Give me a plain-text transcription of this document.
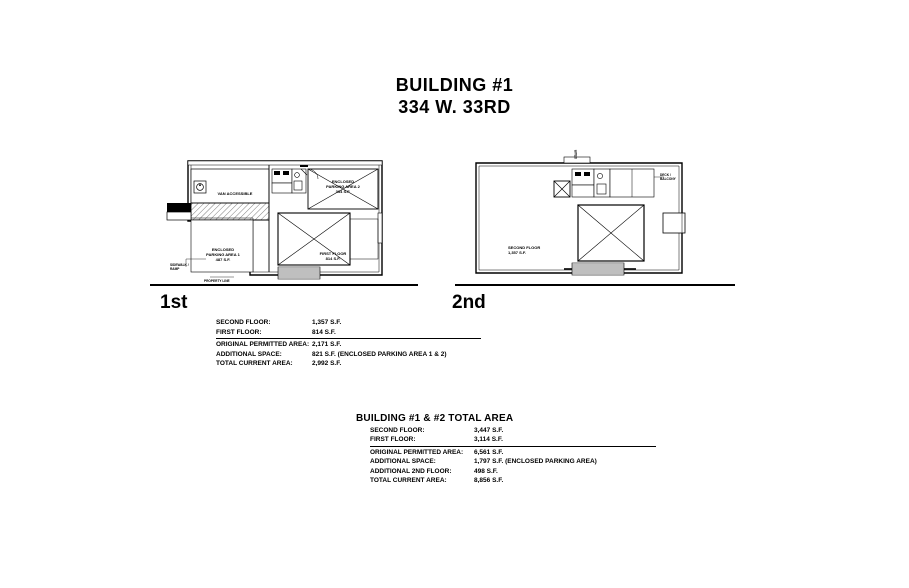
BUILDING #1
334 W. 33RD
VAN ACCESSIBLE
ENCLOSED
PARKING AREA 2
334 S.F.
ENCLOSED
PARKING AREA 1
487 S.F.
FIRST FLOOR
814 S.F.
SIDEWALK /
RAMP
PROPERTY LINE
1st
SECOND FLOOR
1,357 S.F.
STAIR
DECK /
BALCONY
2nd
SECOND FLOOR:	1,357 S.F.
FIRST FLOOR:	814 S.F.
ORIGINAL PERMITTED AREA: 2,171 S.F.
ADDITIONAL SPACE:	821 S.F. (ENCLOSED PARKING AREA 1 & 2)
TOTAL CURRENT AREA:	2,992 S.F.
BUILDING #1 & #2 TOTAL AREA
SECOND FLOOR:	3,447 S.F.
FIRST FLOOR:	3,114 S.F.
ORIGINAL PERMITTED AREA:	6,561 S.F.
ADDITIONAL SPACE:	1,797 S.F. (ENCLOSED PARKING AREA)
ADDITIONAL 2ND FLOOR:	498 S.F.
TOTAL CURRENT AREA:	8,856 S.F.
